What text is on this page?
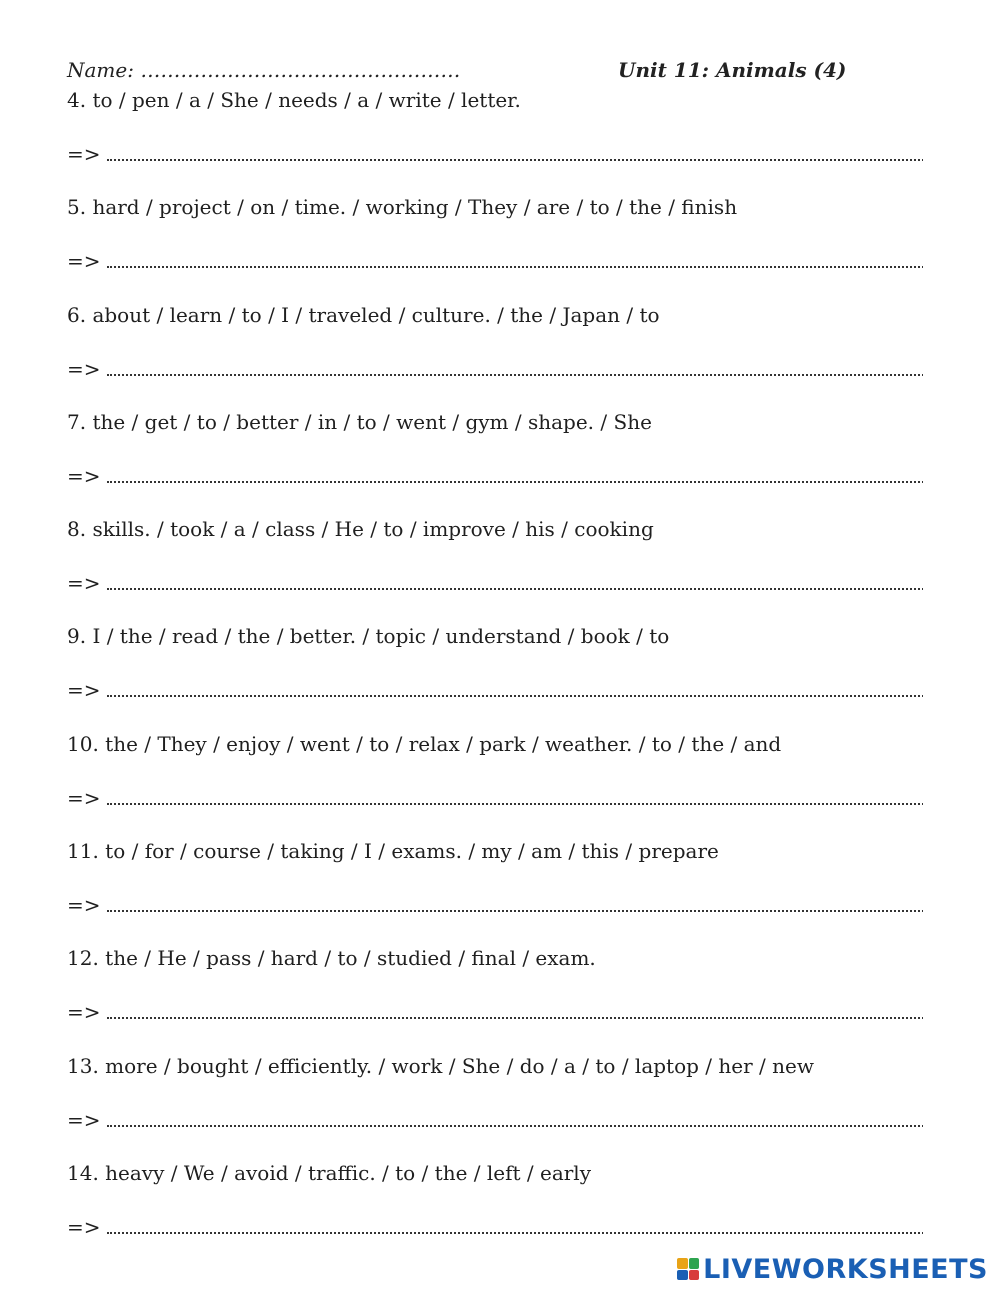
Name: …………………………………………	Unit 11: Animals (4)
4. to / pen / a / She / needs / a / write / letter.
=>
5. hard / project / on / time. / working / They / are / to / the / finish
=>
6. about / learn / to / I / traveled / culture. / the / Japan / to
=>
7. the / get / to / better / in / to / went / gym / shape. / She
=>
8. skills. / took / a / class / He / to / improve / his / cooking
=>
9. I / the / read / the / better. / topic / understand / book / to
=>
10. the / They / enjoy / went / to / relax / park / weather. / to / the / and
=>
11. to / for / course / taking / I / exams. / my / am / this / prepare
=>
12. the / He / pass / hard / to / studied / final / exam.
=>
13. more / bought / efficiently. / work / She / do / a / to / laptop / her / new
=>
14. heavy / We / avoid / traffic. / to / the / left / early
=>
LIVEWORKSHEETS
